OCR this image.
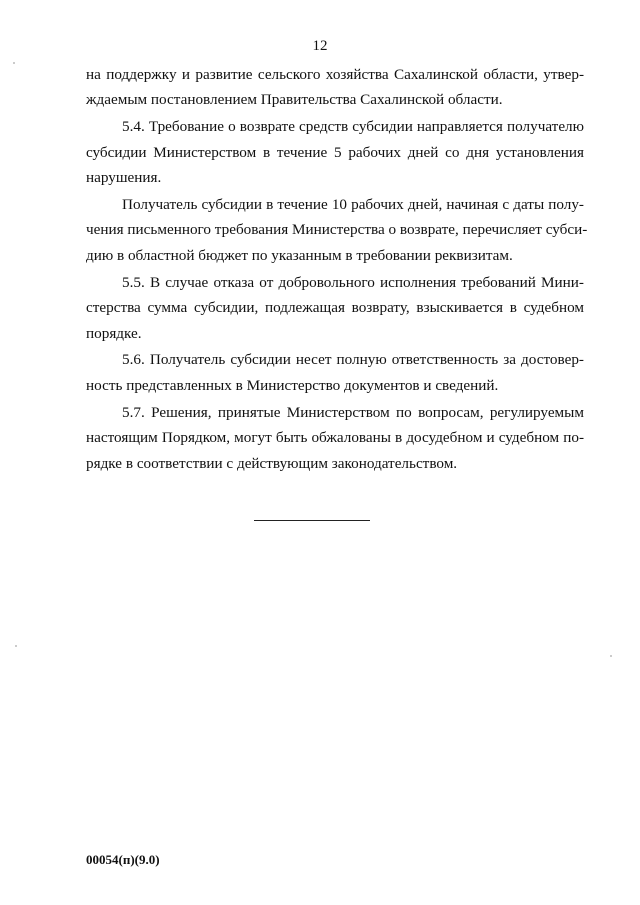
12

на поддержку и развитие сельского хозяйства Сахалинской области, утвер-
ждаемым постановлением Правительства Сахалинской области.

5.4. Требование о возврате средств субсидии направляется получателю
субсидии Министерством в течение 5 рабочих дней со дня установления
нарушения.

Получатель субсидии в течение 10 рабочих дней, начиная с даты полу-
чения письменного требования Министерства о возврате, перечисляет субси-
дию в областной бюджет по указанным в требовании реквизитам.

5.5. В случае отказа от добровольного исполнения требований Мини-
стерства сумма субсидии, подлежащая возврату, взыскивается в судебном
порядке.

5.6. Получатель субсидии несет полную ответственность за достовер-
ность представленных в Министерство документов и сведений.

5.7. Решения, принятые Министерством по вопросам, регулируемым
настоящим Порядком, могут быть обжалованы в досудебном и судебном по-
рядке в соответствии с действующим законодательством.

00054(п)(9.0)
